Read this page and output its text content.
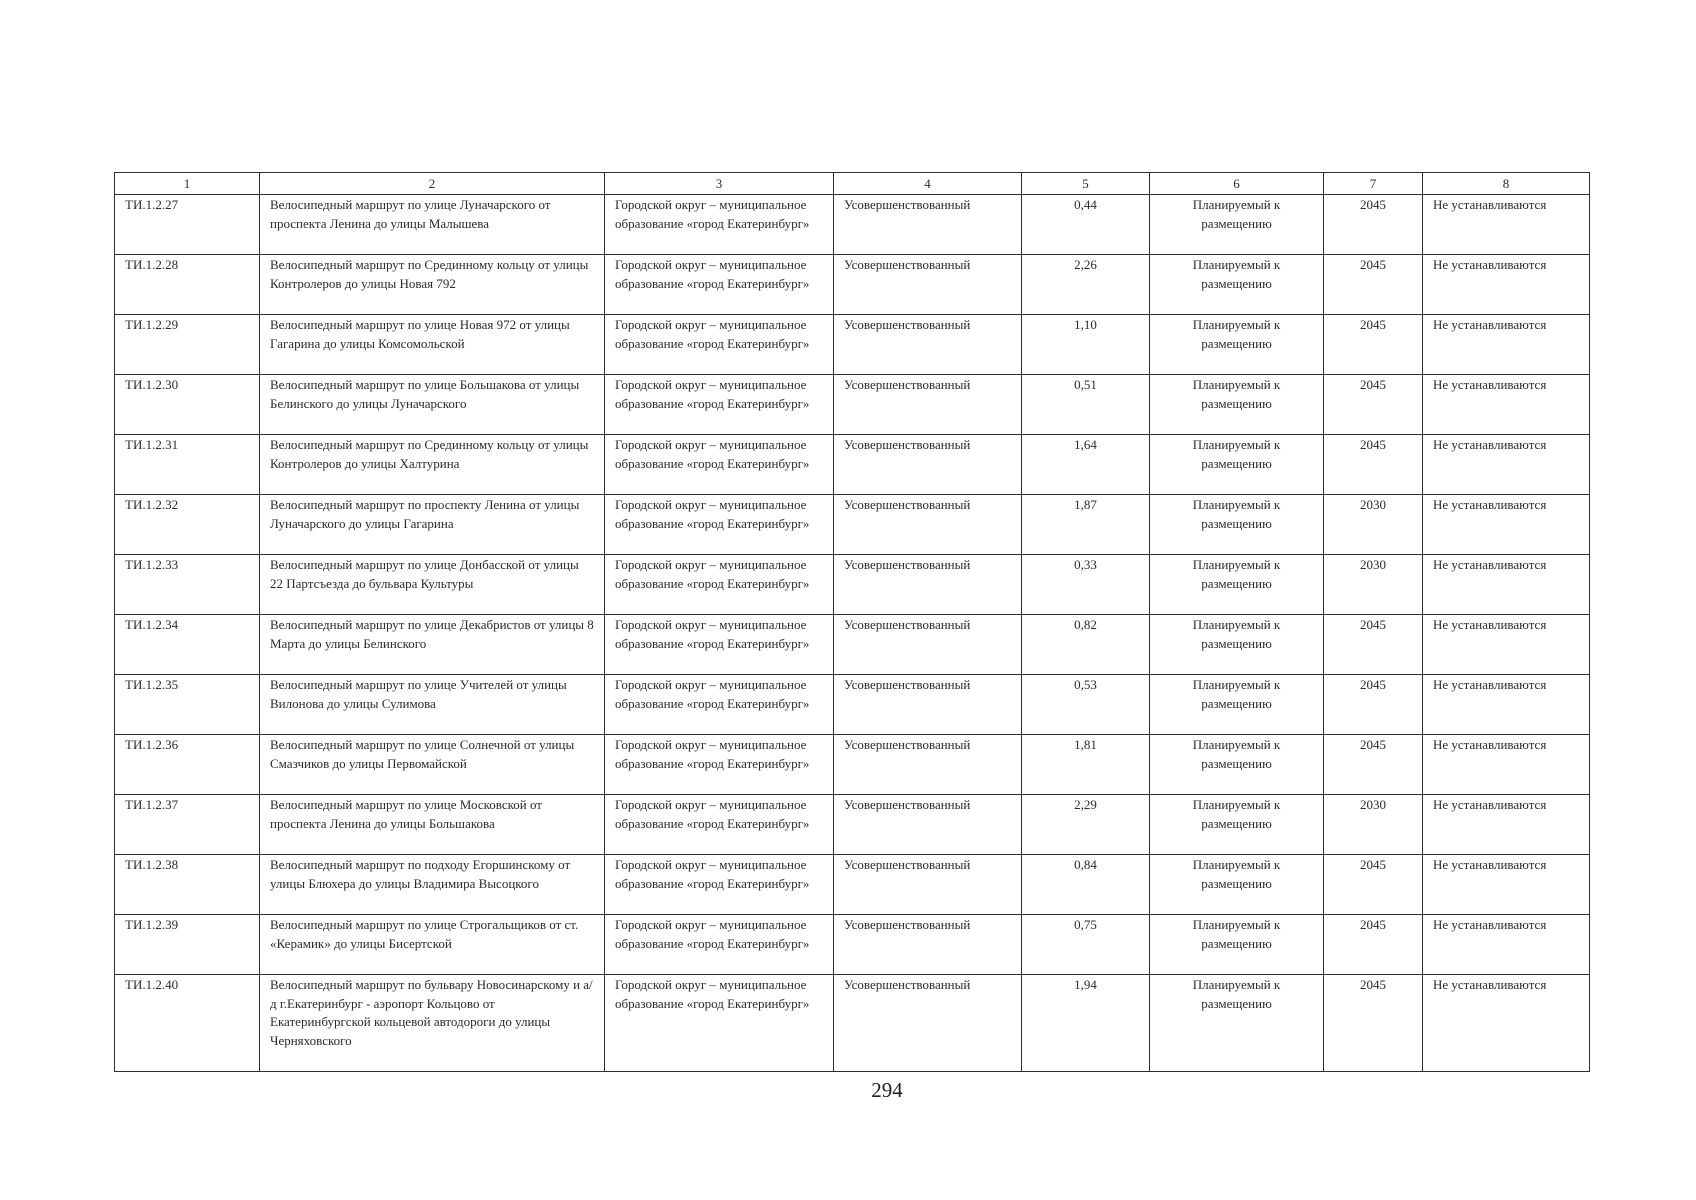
1	2	3	4	5	6	7	8
ТИ.1.2.27	Велосипедный маршрут по улице Луначарского от проспекта Ленина до улицы Малышева	Городской округ – муниципальное образование «город Екатеринбург»	Усовершенствованный	0,44	Планируемый к размещению	2045	Не устанавливаются
ТИ.1.2.28	Велосипедный маршрут по Срединному кольцу от улицы Контролеров до улицы Новая 792	Городской округ – муниципальное образование «город Екатеринбург»	Усовершенствованный	2,26	Планируемый к размещению	2045	Не устанавливаются
ТИ.1.2.29	Велосипедный маршрут по улице Новая 972 от улицы Гагарина до улицы Комсомольской	Городской округ – муниципальное образование «город Екатеринбург»	Усовершенствованный	1,10	Планируемый к размещению	2045	Не устанавливаются
ТИ.1.2.30	Велосипедный маршрут по улице Большакова от улицы Белинского до улицы Луначарского	Городской округ – муниципальное образование «город Екатеринбург»	Усовершенствованный	0,51	Планируемый к размещению	2045	Не устанавливаются
ТИ.1.2.31	Велосипедный маршрут по Срединному кольцу от улицы Контролеров до улицы Халтурина	Городской округ – муниципальное образование «город Екатеринбург»	Усовершенствованный	1,64	Планируемый к размещению	2045	Не устанавливаются
ТИ.1.2.32	Велосипедный маршрут по проспекту Ленина от улицы Луначарского до улицы Гагарина	Городской округ – муниципальное образование «город Екатеринбург»	Усовершенствованный	1,87	Планируемый к размещению	2030	Не устанавливаются
ТИ.1.2.33	Велосипедный маршрут по улице Донбасской от улицы 22 Партсъезда до бульвара Культуры	Городской округ – муниципальное образование «город Екатеринбург»	Усовершенствованный	0,33	Планируемый к размещению	2030	Не устанавливаются
ТИ.1.2.34	Велосипедный маршрут по улице Декабристов от улицы 8 Марта до улицы Белинского	Городской округ – муниципальное образование «город Екатеринбург»	Усовершенствованный	0,82	Планируемый к размещению	2045	Не устанавливаются
ТИ.1.2.35	Велосипедный маршрут по улице Учителей от улицы Вилонова до улицы Сулимова	Городской округ – муниципальное образование «город Екатеринбург»	Усовершенствованный	0,53	Планируемый к размещению	2045	Не устанавливаются
ТИ.1.2.36	Велосипедный маршрут по улице Солнечной от улицы Смазчиков до улицы Первомайской	Городской округ – муниципальное образование «город Екатеринбург»	Усовершенствованный	1,81	Планируемый к размещению	2045	Не устанавливаются
ТИ.1.2.37	Велосипедный маршрут по улице Московской от проспекта Ленина до улицы Большакова	Городской округ – муниципальное образование «город Екатеринбург»	Усовершенствованный	2,29	Планируемый к размещению	2030	Не устанавливаются
ТИ.1.2.38	Велосипедный маршрут по подходу Егоршинскому от улицы Блюхера до улицы Владимира Высоцкого	Городской округ – муниципальное образование «город Екатеринбург»	Усовершенствованный	0,84	Планируемый к размещению	2045	Не устанавливаются
ТИ.1.2.39	Велосипедный маршрут по улице Строгальщиков от ст. «Керамик» до улицы Бисертской	Городской округ – муниципальное образование «город Екатеринбург»	Усовершенствованный	0,75	Планируемый к размещению	2045	Не устанавливаются
ТИ.1.2.40	Велосипедный маршрут по бульвару Новосинарскому и а/д г.Екатеринбург - аэропорт Кольцово от Екатеринбургской кольцевой автодороги до улицы Черняховского	Городской округ – муниципальное образование «город Екатеринбург»	Усовершенствованный	1,94	Планируемый к размещению	2045	Не устанавливаются
294
